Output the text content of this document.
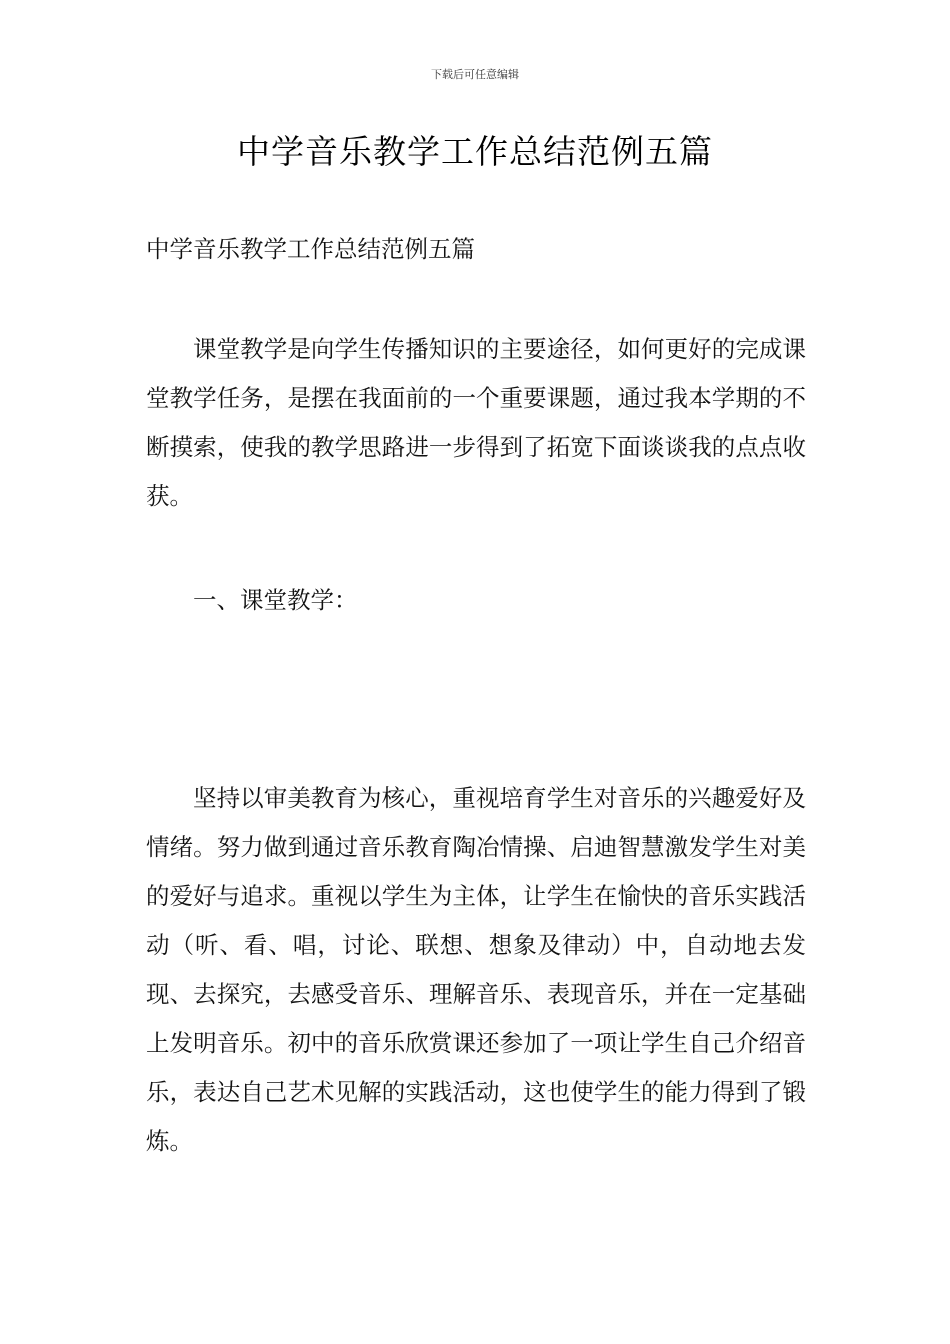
下载后可任意编辑
中学音乐教学工作总结范例五篇
中学音乐教学工作总结范例五篇

课堂教学是向学生传播知识的主要途径，如何更好的完成课堂教学任务，是摆在我面前的一个重要课题，通过我本学期的不断摸索，使我的教学思路进一步得到了拓宽下面谈谈我的点点收获。

一、课堂教学：

坚持以审美教育为核心，重视培育学生对音乐的兴趣爱好及情绪。努力做到通过音乐教育陶冶情操、启迪智慧激发学生对美的爱好与追求。重视以学生为主体，让学生在愉快的音乐实践活动（听、看、唱，讨论、联想、想象及律动）中，自动地去发现、去探究，去感受音乐、理解音乐、表现音乐，并在一定基础上发明音乐。初中的音乐欣赏课还参加了一项让学生自己介绍音乐，表达自己艺术见解的实践活动，这也使学生的能力得到了锻炼。
